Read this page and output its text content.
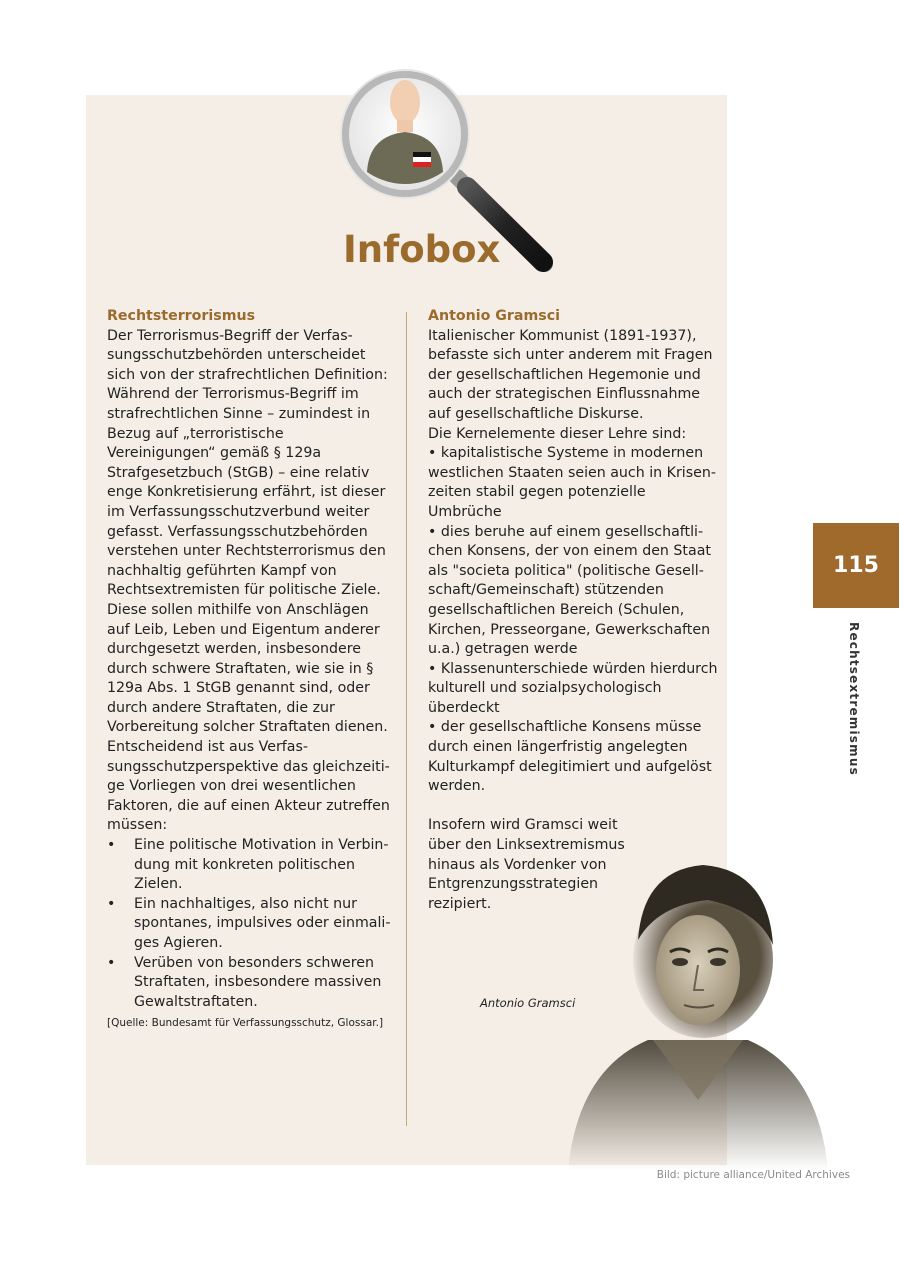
Infobox

Rechtsterrorismus

Der Terrorismus-Begriff der Verfassungsschutzbehörden unterscheidet sich von der strafrechtlichen Definition: Während der Terrorismus-Begriff im strafrechtlichen Sinne – zumindest in Bezug auf „terroristische Vereinigungen“ gemäß § 129a Strafgesetzbuch (StGB) – eine relativ enge Konkretisierung erfährt, ist dieser im Verfassungsschutzverbund weiter gefasst. Verfassungsschutzbehörden verstehen unter Rechtsterrorismus den nachhaltig geführten Kampf von Rechtsextremisten für politische Ziele. Diese sollen mithilfe von Anschlägen auf Leib, Leben und Eigentum anderer durchgesetzt werden, insbesondere durch schwere Straftaten, wie sie in § 129a Abs. 1 StGB genannt sind, oder durch andere Straftaten, die zur Vorbereitung solcher Straftaten dienen. Entscheidend ist aus Verfassungsschutzperspektive das gleichzeitige Vorliegen von drei wesentlichen Faktoren, die auf einen Akteur zutreffen müssen:

• Eine politische Motivation in Verbindung mit konkreten politischen Zielen.
• Ein nachhaltiges, also nicht nur spontanes, impulsives oder einmaliges Agieren.
• Verüben von besonders schweren Straftaten, insbesondere massiven Gewaltstraftaten.
[Quelle: Bundesamt für Verfassungsschutz, Glossar.]

Antonio Gramsci

Italienischer Kommunist (1891-1937), befasste sich unter anderem mit Fragen der gesellschaftlichen Hegemonie und auch der strategischen Einflussnahme auf gesellschaftliche Diskurse.

Die Kernelemente dieser Lehre sind:

• kapitalistische Systeme in modernen westlichen Staaten seien auch in Krisenzeiten stabil gegen potenzielle Umbrüche

• dies beruhe auf einem gesellschaftlichen Konsens, der von einem den Staat als "societa politica" (politische Gesellschaft/Gemeinschaft) stützenden gesellschaftlichen Bereich (Schulen, Kirchen, Presseorgane, Gewerkschaften u.a.) getragen werde

• Klassenunterschiede würden hierdurch kulturell und sozialpsychologisch überdeckt

• der gesellschaftliche Konsens müsse durch einen längerfristig angelegten Kulturkampf delegitimiert und aufgelöst werden.

Insofern wird Gramsci weit über den Linksextremismus hinaus als Vordenker von Entgrenzungsstrategien rezipiert.

Antonio Gramsci
Bild: picture alliance/United Archives
115
Rechtsextremismus
